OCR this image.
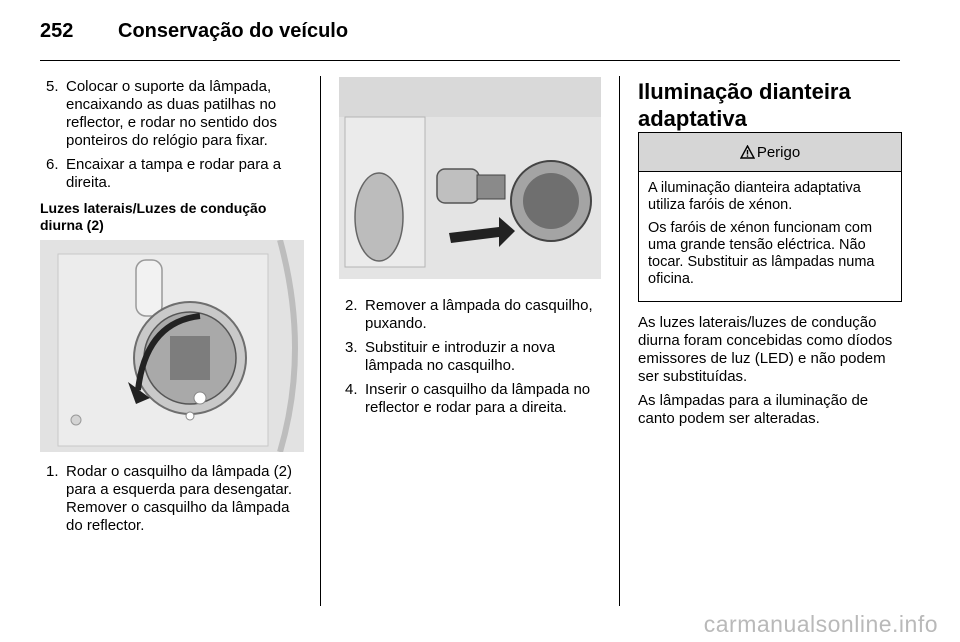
252 Conservação do veículo
5. Colocar o suporte da lâmpada, encaixando as duas patilhas no reflector, e rodar no sentido dos ponteiros do relógio para fixar.
6. Encaixar a tampa e rodar para a direita.
Luzes laterais/Luzes de condução diurna (2)
1. Rodar o casquilho da lâmpada (2) para a esquerda para desengatar. Remover o casquilho da lâmpada do reflector.
2. Remover a lâmpada do casquilho, puxando.
3. Substituir e introduzir a nova lâmpada no casquilho.
4. Inserir o casquilho da lâmpada no reflector e rodar para a direita.
Iluminação dianteira adaptativa
Perigo

A iluminação dianteira adaptativa utiliza faróis de xénon.

Os faróis de xénon funcionam com uma grande tensão eléctrica. Não tocar. Substituir as lâmpadas numa oficina.

As luzes laterais/luzes de condução diurna foram concebidas como díodos emissores de luz (LED) e não podem ser substituídas.

As lâmpadas para a iluminação de canto podem ser alteradas.

carmanualsonline.info
